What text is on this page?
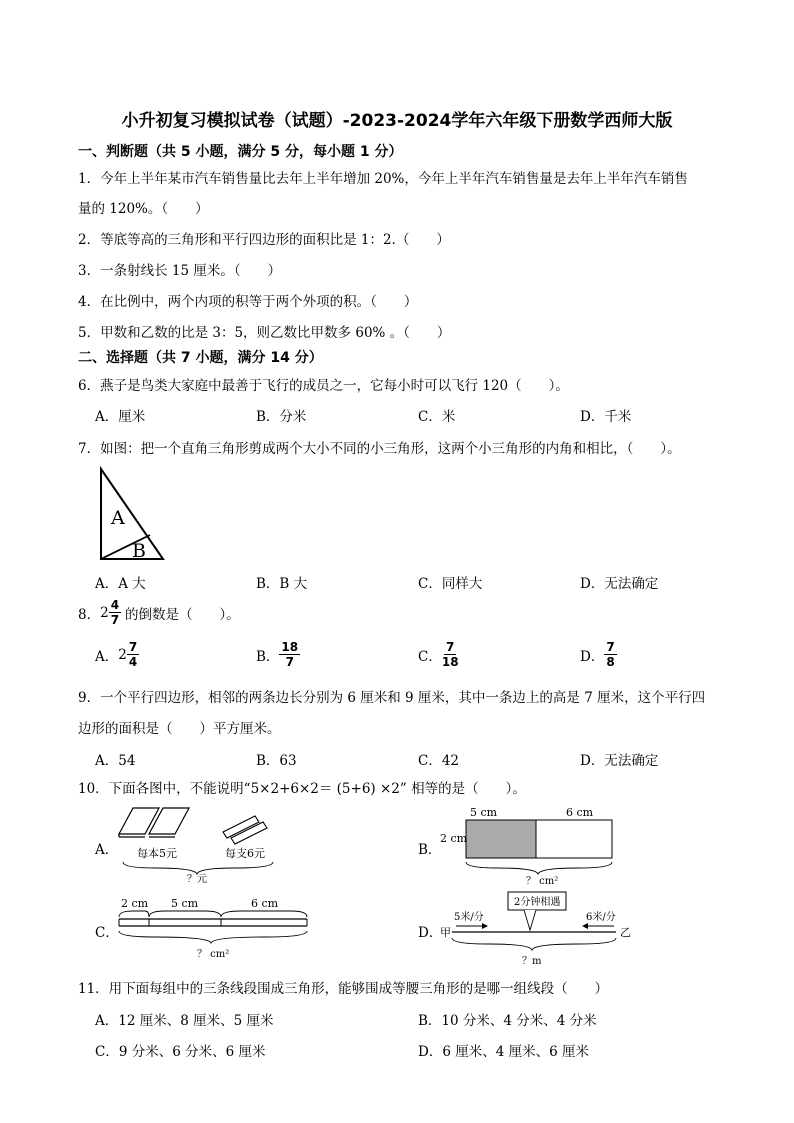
小升初复习模拟试卷（试题）-2023-2024学年六年级下册数学西师大版
一、判断题（共 5 小题，满分 5 分，每小题 1 分）
1．今年上半年某市汽车销售量比去年上半年增加 20%，今年上半年汽车销售量是去年上半年汽车销售
量的 120%。（　　）
2．等底等高的三角形和平行四边形的面积比是 1：2.（　　）
3．一条射线长 15 厘米。（　　）
4．在比例中，两个内项的积等于两个外项的积。（　　）
5．甲数和乙数的比是 3：5，则乙数比甲数多 60% 。（　　）
二、选择题（共 7 小题，满分 14 分）
6．燕子是鸟类大家庭中最善于飞行的成员之一，它每小时可以飞行 120（　　）。
A．厘米	B．分米	C．米	D．千米
7．如图：把一个直角三角形剪成两个大小不同的小三角形，这两个小三角形的内角和相比，（　　）。
A
B
A．A 大	B．B 大	C．同样大	D．无法确定
8． $2 \frac{4}{7}$ 的倒数是（　　）。
A． $2 \frac{7}{4}$	B． $\frac{18}{7}$	C． $\frac{7}{18}$	D． $\frac{7}{8}$
9．一个平行四边形，相邻的两条边长分别为 6 厘米和 9 厘米，其中一条边上的高是 7 厘米，这个平行四
边形的面积是（　　）平方厘米。
A．54	B．63	C．42	D．无法确定
10．下面各图中，不能说明“5×2+6×2＝ (5+6) ×2” 相等的是（　　）。
A． 每本5元	每支6元
？元
B．
5 cm	6 cm
2 cm
？ cm²
C．
2 cm 5 cm	6 cm
？ cm²
D．
2分钟相遇
5米/分	6米/分
甲	乙
？m
11．用下面每组中的三条线段围成三角形，能够围成等腰三角形的是哪一组线段（　　）
A．12 厘米、8 厘米、5 厘米	B．10 分米、4 分米、4 分米
C．9 分米、6 分米、6 厘米	D．6 厘米、4 厘米、6 厘米
